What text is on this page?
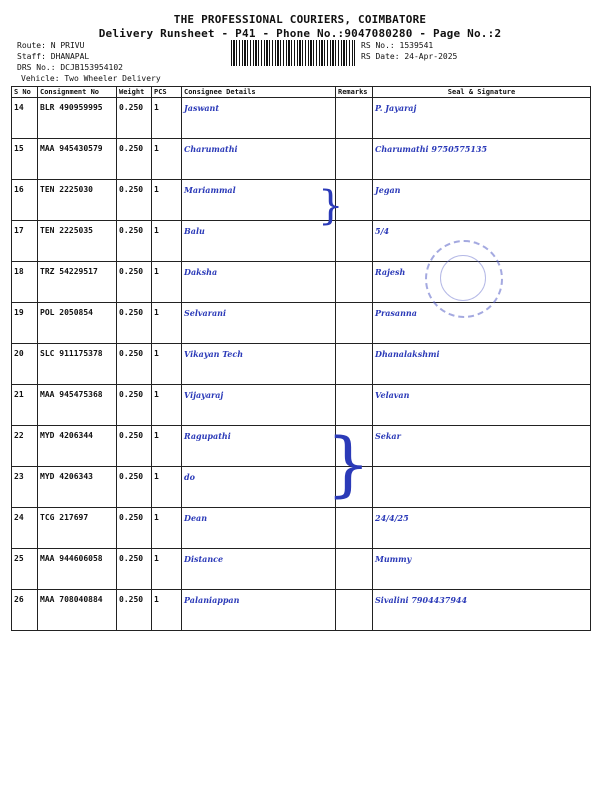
THE PROFESSIONAL COURIERS, COIMBATORE
Delivery Runsheet - P41 - Phone No.:9047080280 - Page No.:2
Route: N PRIVU
Staff: DHANAPAL
DRS No.: DCJB153954102
Vehicle: Two Wheeler Delivery
RS No.: 1539541
RS Date: 24-Apr-2025
S No	Consignment No	Weight	PCS	Consignee Details	Remarks	Seal & Signature
14	BLR 490959995	0.250	1	Jaswant		P. Jayaraj
15	MAA 945430579	0.250	1	Charumathi		Charumathi 9750575135
16	TEN 2225030	0.250	1	Mariammal		Jegan
17	TEN 2225035	0.250	1	Balu		5/4
18	TRZ 54229517	0.250	1	Daksha		Rajesh
19	POL 2050854	0.250	1	Selvarani		Prasanna
20	SLC 911175378	0.250	1	Vikayan Tech		Dhanalakshmi
21	MAA 945475368	0.250	1	Vijayaraj		Velavan
22	MYD 4206344	0.250	1	Ragupathi		Sekar
23	MYD 4206343	0.250	1	do		
24	TCG 217697	0.250	1	Dean		24/4/25
25	MAA 944606058	0.250	1	Distance		Mummy
26	MAA 708040884	0.250	1	Palaniappan		Sivalini 7904437944
}
}
